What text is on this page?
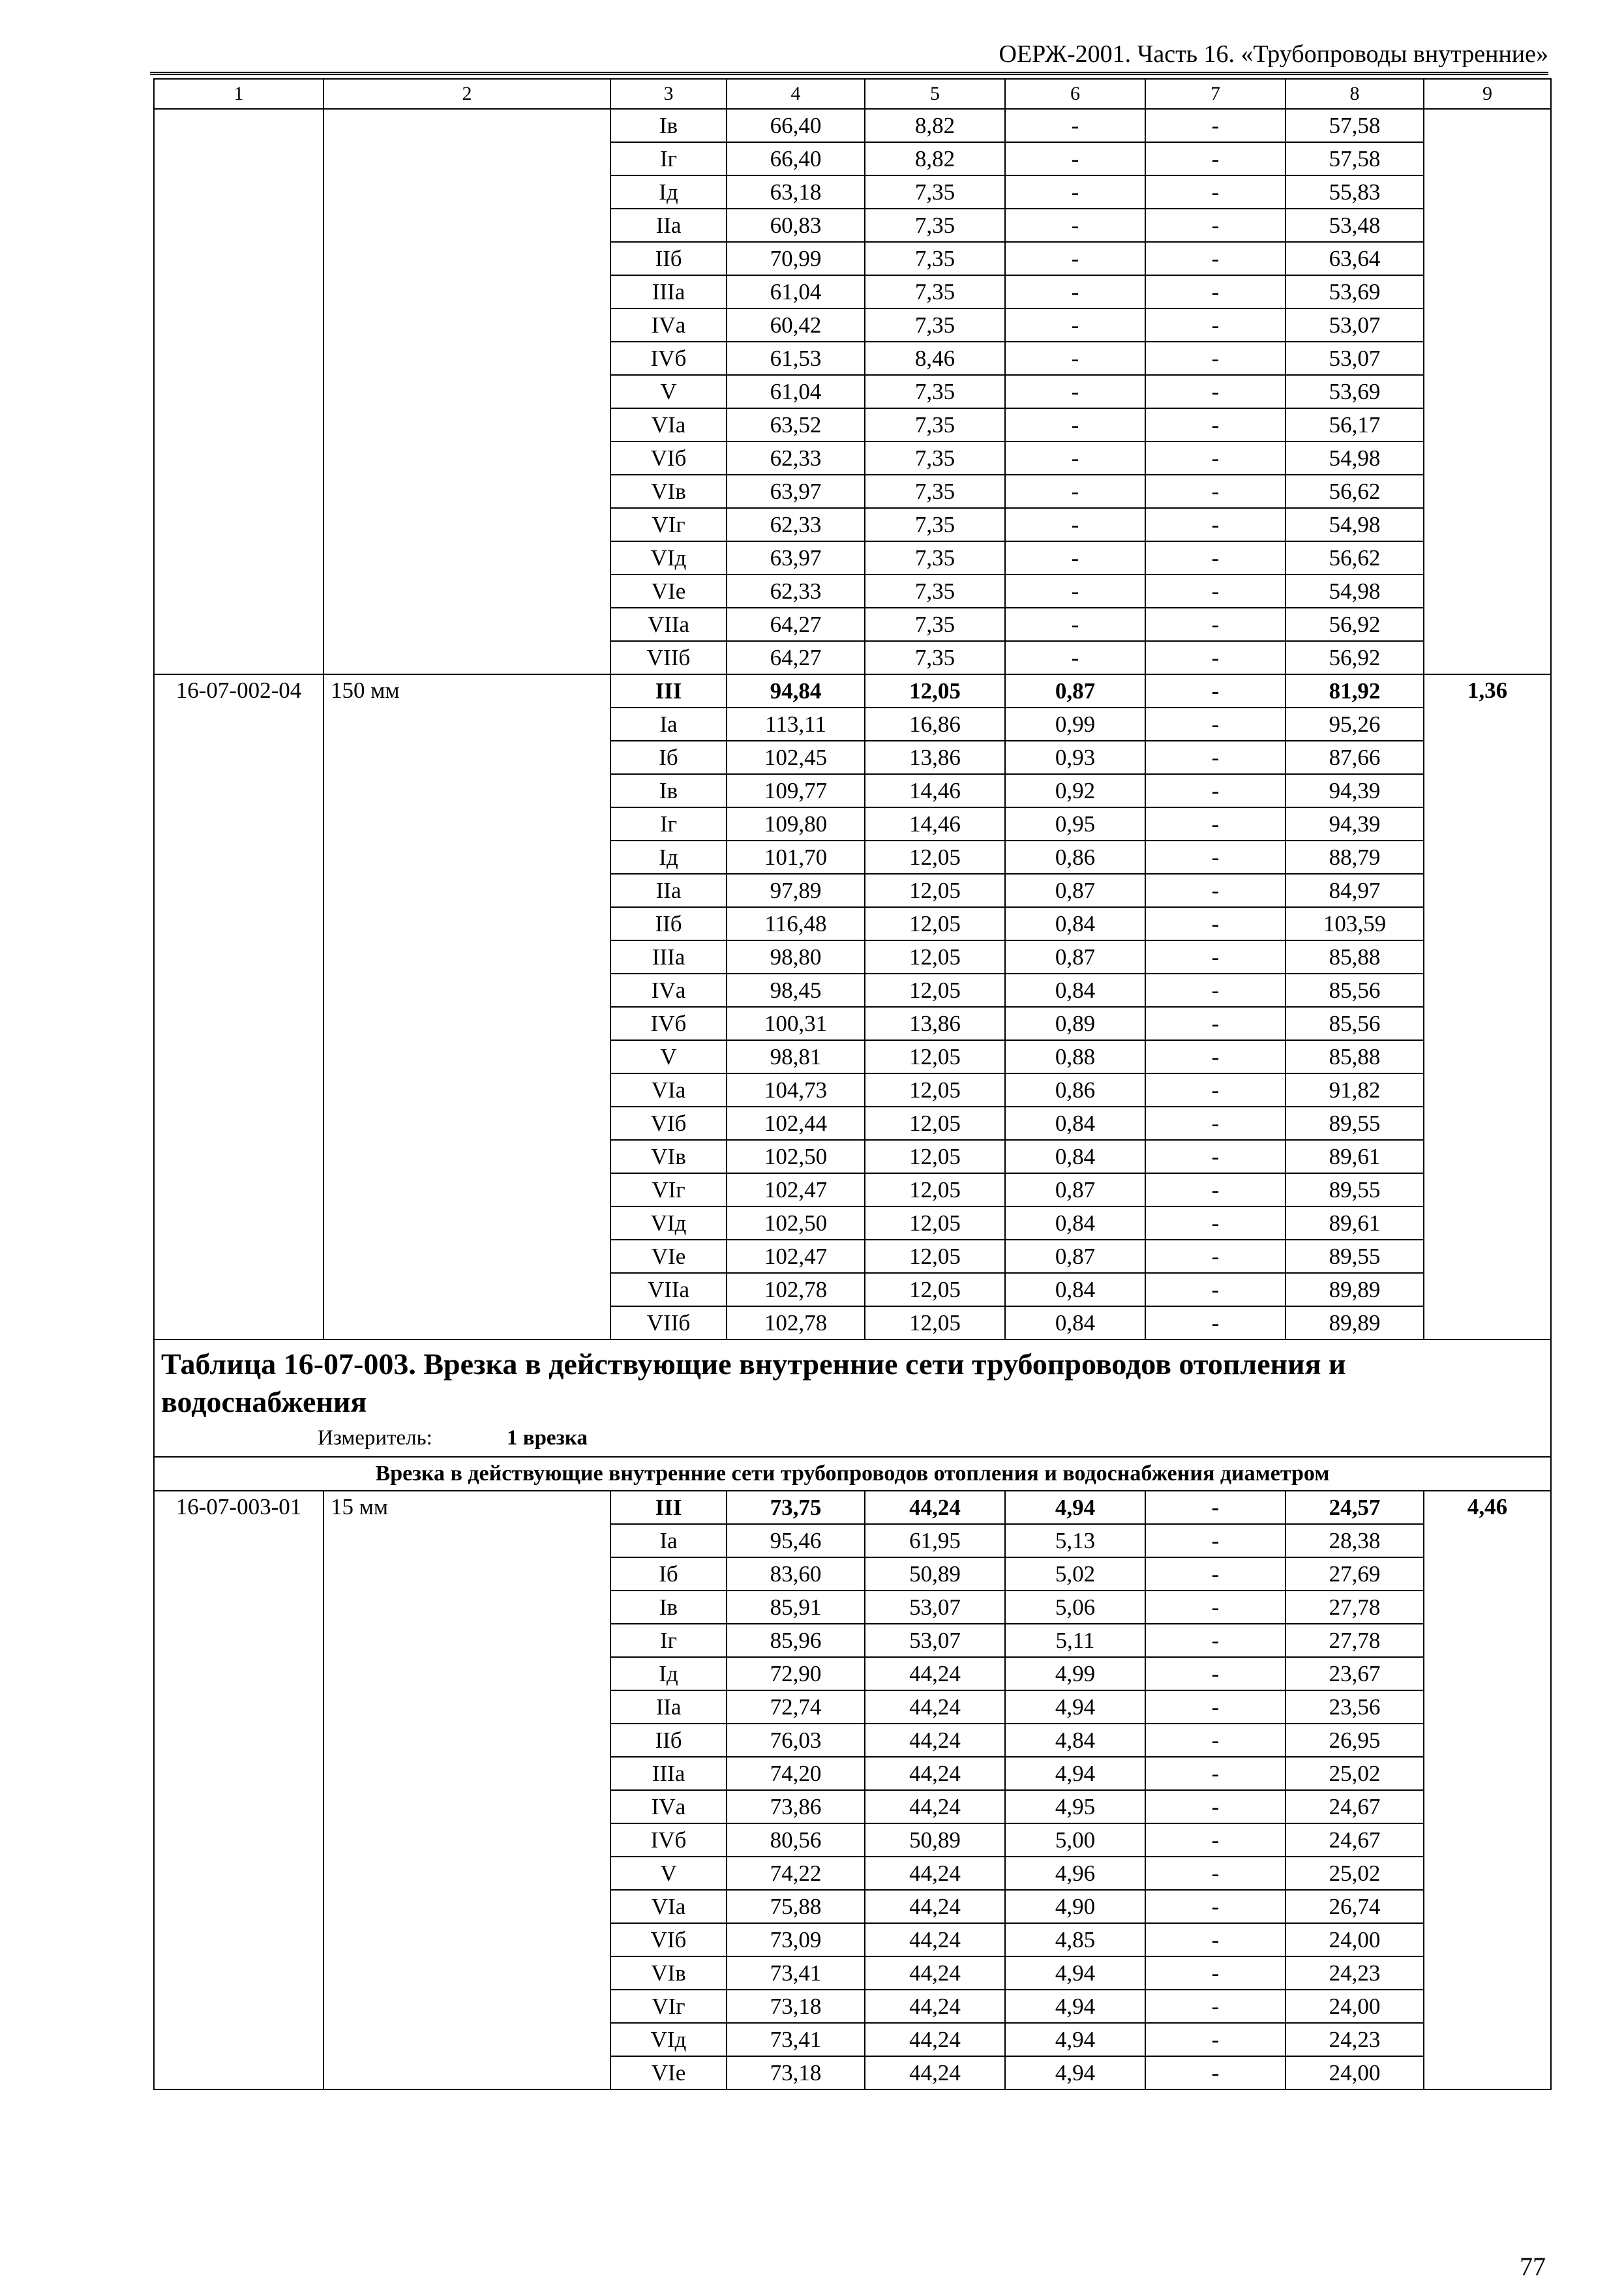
ОЕРЖ-2001. Часть 16. «Трубопроводы внутренние»
1	2	3	4	5	6	7	8	9
		Iв	66,40	8,82	-	-	57,58	
		Iг	66,40	8,82	-	-	57,58	
		Iд	63,18	7,35	-	-	55,83	
		IIа	60,83	7,35	-	-	53,48	
		IIб	70,99	7,35	-	-	63,64	
		IIIа	61,04	7,35	-	-	53,69	
		IVа	60,42	7,35	-	-	53,07	
		IVб	61,53	8,46	-	-	53,07	
		V	61,04	7,35	-	-	53,69	
		VIа	63,52	7,35	-	-	56,17	
		VIб	62,33	7,35	-	-	54,98	
		VIв	63,97	7,35	-	-	56,62	
		VIг	62,33	7,35	-	-	54,98	
		VIд	63,97	7,35	-	-	56,62	
		VIе	62,33	7,35	-	-	54,98	
		VIIа	64,27	7,35	-	-	56,92	
		VIIб	64,27	7,35	-	-	56,92	
16-07-002-04	150 мм	III	94,84	12,05	0,87	-	81,92	1,36
		Iа	113,11	16,86	0,99	-	95,26	
		Iб	102,45	13,86	0,93	-	87,66	
		Iв	109,77	14,46	0,92	-	94,39	
		Iг	109,80	14,46	0,95	-	94,39	
		Iд	101,70	12,05	0,86	-	88,79	
		IIа	97,89	12,05	0,87	-	84,97	
		IIб	116,48	12,05	0,84	-	103,59	
		IIIа	98,80	12,05	0,87	-	85,88	
		IVа	98,45	12,05	0,84	-	85,56	
		IVб	100,31	13,86	0,89	-	85,56	
		V	98,81	12,05	0,88	-	85,88	
		VIа	104,73	12,05	0,86	-	91,82	
		VIб	102,44	12,05	0,84	-	89,55	
		VIв	102,50	12,05	0,84	-	89,61	
		VIг	102,47	12,05	0,87	-	89,55	
		VIд	102,50	12,05	0,84	-	89,61	
		VIе	102,47	12,05	0,87	-	89,55	
		VIIа	102,78	12,05	0,84	-	89,89	
		VIIб	102,78	12,05	0,84	-	89,89	

Таблица 16-07-003. Врезка в действующие внутренние сети трубопроводов отопления и водоснабжения
Измеритель: 1 врезка								

Врезка в действующие внутренние сети трубопроводов отопления и водоснабжения диаметром								
16-07-003-01	15 мм	III	73,75	44,24	4,94	-	24,57	4,46
		Iа	95,46	61,95	5,13	-	28,38	
		Iб	83,60	50,89	5,02	-	27,69	
		Iв	85,91	53,07	5,06	-	27,78	
		Iг	85,96	53,07	5,11	-	27,78	
		Iд	72,90	44,24	4,99	-	23,67	
		IIа	72,74	44,24	4,94	-	23,56	
		IIб	76,03	44,24	4,84	-	26,95	
		IIIа	74,20	44,24	4,94	-	25,02	
		IVа	73,86	44,24	4,95	-	24,67	
		IVб	80,56	50,89	5,00	-	24,67	
		V	74,22	44,24	4,96	-	25,02	
		VIа	75,88	44,24	4,90	-	26,74	
		VIб	73,09	44,24	4,85	-	24,00	
		VIв	73,41	44,24	4,94	-	24,23	
		VIг	73,18	44,24	4,94	-	24,00	
		VIд	73,41	44,24	4,94	-	24,23	
		VIе	73,18	44,24	4,94	-	24,00	
77
